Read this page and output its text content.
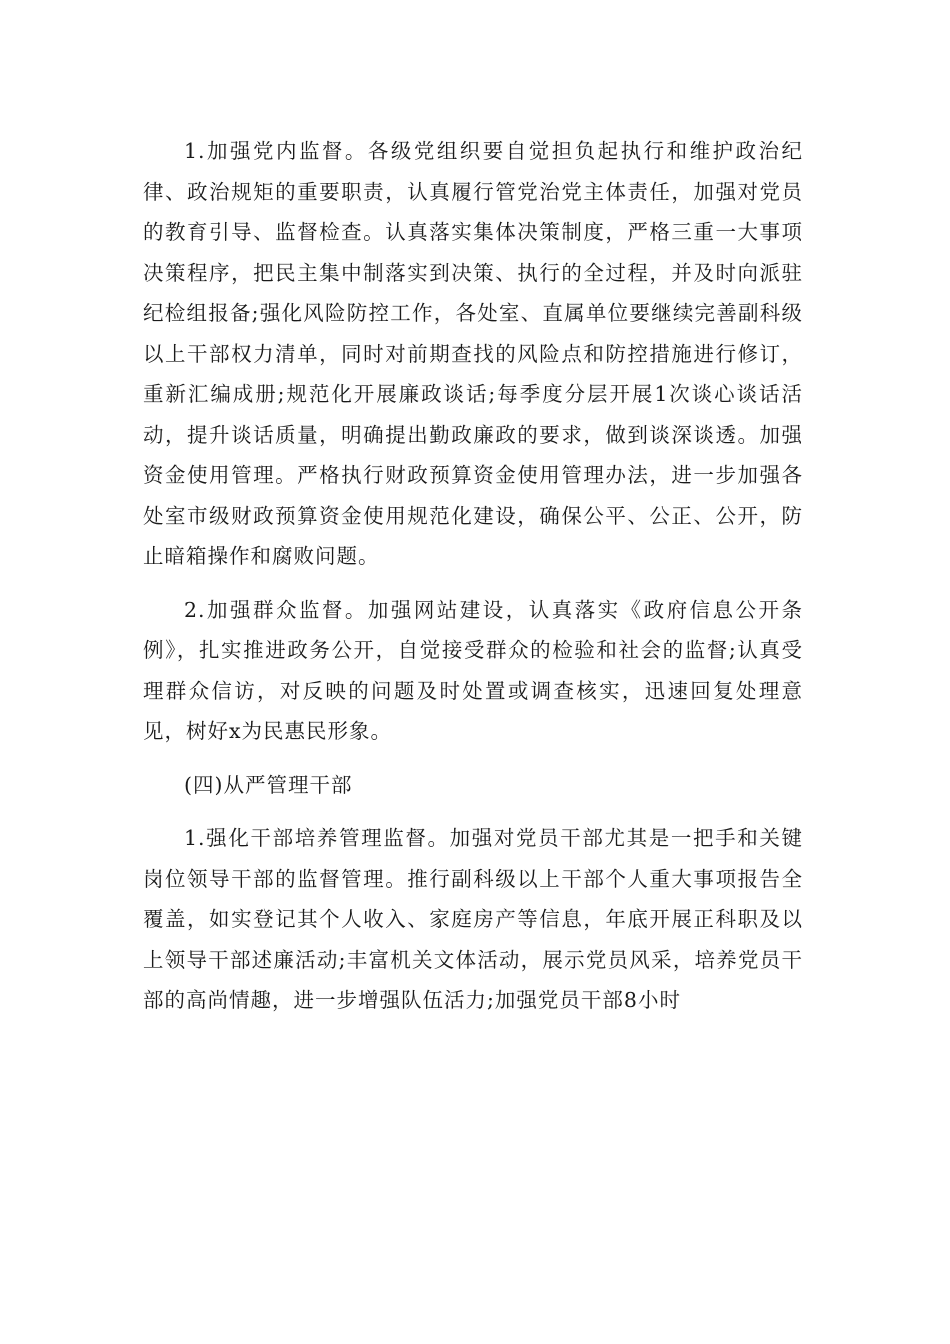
1.加强党内监督。各级党组织要自觉担负起执行和维护政治纪律、政治规矩的重要职责，认真履行管党治党主体责任，加强对党员的教育引导、监督检查。认真落实集体决策制度，严格三重一大事项决策程序，把民主集中制落实到决策、执行的全过程，并及时向派驻纪检组报备;强化风险防控工作，各处室、直属单位要继续完善副科级以上干部权力清单，同时对前期查找的风险点和防控措施进行修订，重新汇编成册;规范化开展廉政谈话;每季度分层开展1次谈心谈话活动，提升谈话质量，明确提出勤政廉政的要求，做到谈深谈透。加强资金使用管理。严格执行财政预算资金使用管理办法，进一步加强各处室市级财政预算资金使用规范化建设，确保公平、公正、公开，防止暗箱操作和腐败问题。

2.加强群众监督。加强网站建设，认真落实《政府信息公开条例》，扎实推进政务公开，自觉接受群众的检验和社会的监督;认真受理群众信访，对反映的问题及时处置或调查核实，迅速回复处理意见，树好x为民惠民形象。

(四)从严管理干部

1.强化干部培养管理监督。加强对党员干部尤其是一把手和关键岗位领导干部的监督管理。推行副科级以上干部个人重大事项报告全覆盖，如实登记其个人收入、家庭房产等信息，年底开展正科职及以上领导干部述廉活动;丰富机关文体活动，展示党员风采，培养党员干部的高尚情趣，进一步增强队伍活力;加强党员干部8小时
